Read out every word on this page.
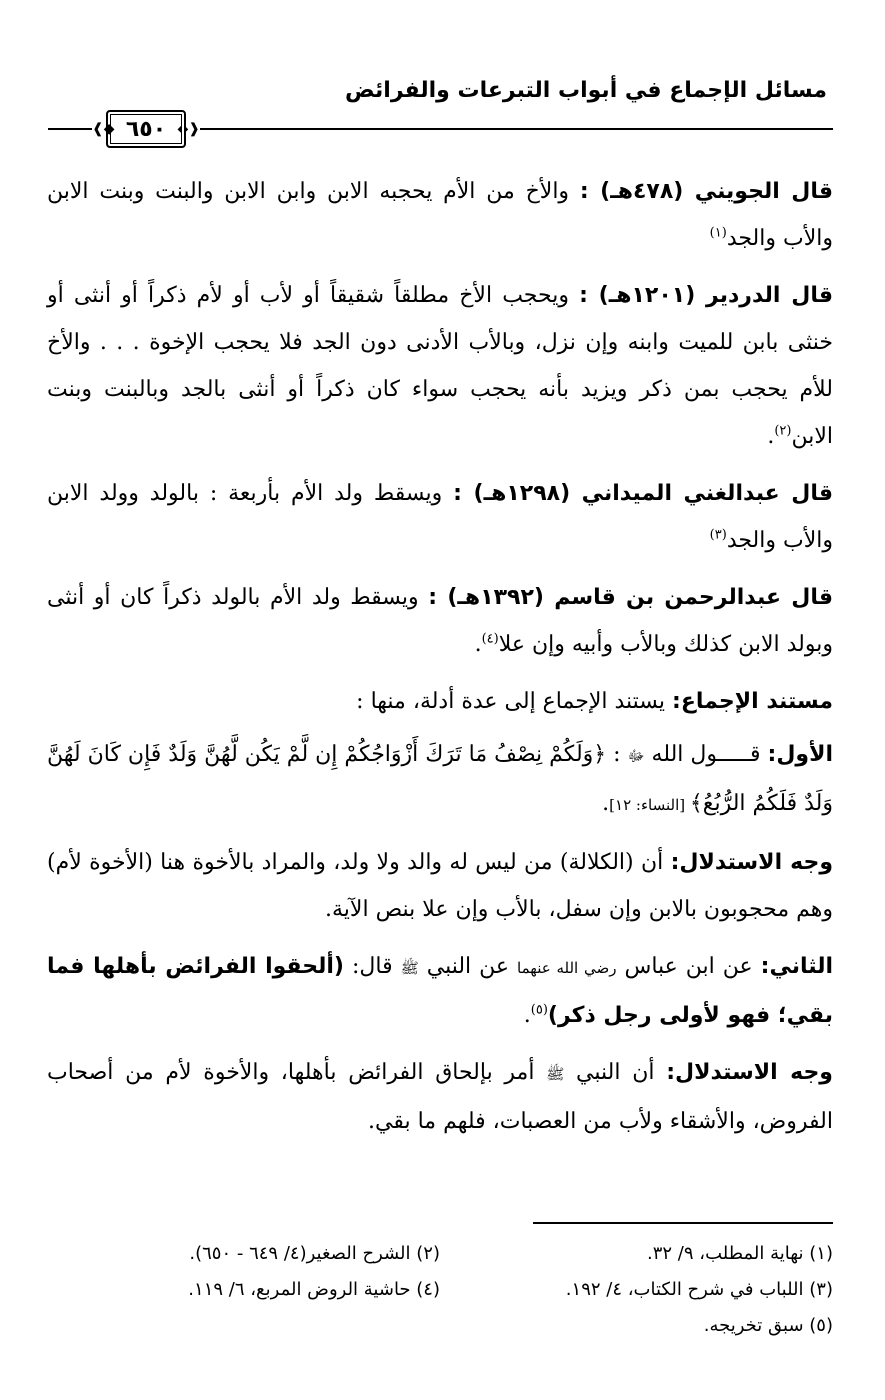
مسائل الإجماع في أبواب التبرعات والفرائض
❰◆
٦٥٠
◆❱

قال الجويني (٤٧٨هـ) : والأخ من الأم يحجبه الابن وابن الابن والبنت وبنت الابن والأب والجد$^{(١)}$

قال الدردير (١٢٠١هـ) : ويحجب الأخ مطلقاً شقيقاً أو لأب أو لأم ذكراً أو أنثى أو خنثى بابن للميت وابنه وإن نزل، وبالأب الأدنى دون الجد فلا يحجب الإخوة . . . والأخ للأم يحجب بمن ذكر ويزيد بأنه يحجب سواء كان ذكراً أو أنثى بالجد وبالبنت وبنت الابن$^{(٢)}$.

قال عبدالغني الميداني (١٢٩٨هـ) : ويسقط ولد الأم بأربعة : بالولد وولد الابن والأب والجد$^{(٣)}$

قال عبدالرحمن بن قاسم (١٣٩٢هـ) : ويسقط ولد الأم بالولد ذكراً كان أو أنثى وبولد الابن كذلك وبالأب وأبيه وإن علا$^{(٤)}$.

مستند الإجماع: يستند الإجماع إلى عدة أدلة، منها :

الأول: قـــــول الله ﷻ : ﴿وَلَكُمْ نِصْفُ مَا تَرَكَ أَزْوَاجُكُمْ إِن لَّمْ يَكُن لَّهُنَّ وَلَدٌ فَإِن كَانَ لَهُنَّ وَلَدٌ فَلَكُمُ الرُّبُعُ﴾ [النساء: ١٢].

وجه الاستدلال: أن (الكلالة) من ليس له والد ولا ولد، والمراد بالأخوة هنا (الأخوة لأم) وهم محجوبون بالابن وإن سفل، بالأب وإن علا بنص الآية.

الثاني: عن ابن عباس رضي الله عنهما عن النبي ﷺ قال: (ألحقوا الفرائض بأهلها فما بقي؛ فهو لأولى رجل ذكر)$^{(٥)}$.

وجه الاستدلال: أن النبي ﷺ أمر بإلحاق الفرائض بأهلها، والأخوة لأم من أصحاب الفروض، والأشقاء ولأب من العصبات، فلهم ما بقي.

(١) نهاية المطلب، ٩/ ٣٢.
(٢) الشرح الصغير(٤/ ٦٤٩ - ٦٥٠).
(٣) اللباب في شرح الكتاب، ٤/ ١٩٢.
(٤) حاشية الروض المربع، ٦/ ١١٩.
(٥) سبق تخريجه.
